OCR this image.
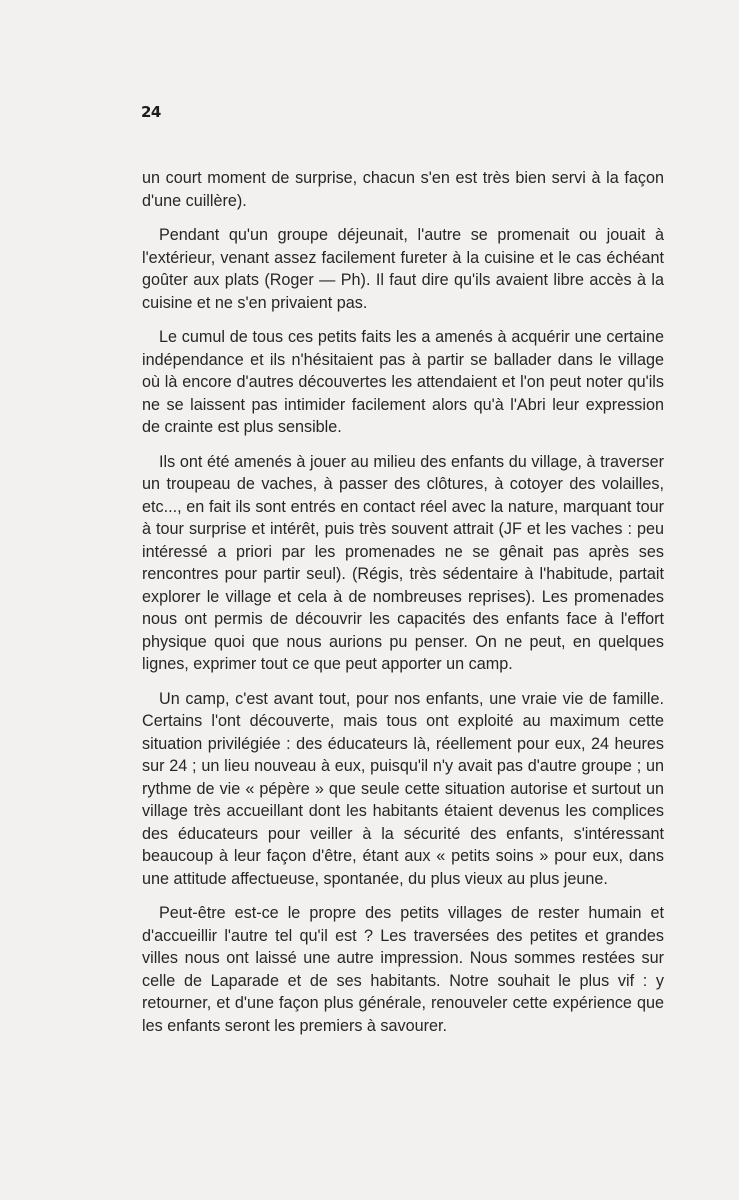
24

un court moment de surprise, chacun s'en est très bien servi à la façon d'une cuillère).

Pendant qu'un groupe déjeunait, l'autre se promenait ou jouait à l'extérieur, venant assez facilement fureter à la cuisine et le cas échéant goûter aux plats (Roger — Ph). Il faut dire qu'ils avaient libre accès à la cuisine et ne s'en privaient pas.

Le cumul de tous ces petits faits les a amenés à acquérir une certaine indépendance et ils n'hésitaient pas à partir se ballader dans le village où là encore d'autres découvertes les attendaient et l'on peut noter qu'ils ne se laissent pas intimider facilement alors qu'à l'Abri leur expression de crainte est plus sensible.

Ils ont été amenés à jouer au milieu des enfants du village, à traverser un troupeau de vaches, à passer des clôtures, à cotoyer des volailles, etc..., en fait ils sont entrés en contact réel avec la nature, marquant tour à tour surprise et intérêt, puis très souvent attrait (JF et les vaches : peu intéressé a priori par les promenades ne se gênait pas après ses rencontres pour partir seul). (Régis, très sédentaire à l'habitude, partait explorer le village et cela à de nombreuses reprises). Les promenades nous ont permis de découvrir les capacités des enfants face à l'effort physique quoi que nous aurions pu penser. On ne peut, en quelques lignes, exprimer tout ce que peut apporter un camp.

Un camp, c'est avant tout, pour nos enfants, une vraie vie de famille. Certains l'ont découverte, mais tous ont exploité au maximum cette situation privilégiée : des éducateurs là, réellement pour eux, 24 heures sur 24 ; un lieu nouveau à eux, puisqu'il n'y avait pas d'autre groupe ; un rythme de vie « pépère » que seule cette situation autorise et surtout un village très accueillant dont les habitants étaient devenus les complices des éducateurs pour veiller à la sécurité des enfants, s'intéressant beaucoup à leur façon d'être, étant aux « petits soins » pour eux, dans une attitude affectueuse, spontanée, du plus vieux au plus jeune.

Peut-être est-ce le propre des petits villages de rester humain et d'accueillir l'autre tel qu'il est ? Les traversées des petites et grandes villes nous ont laissé une autre impression. Nous sommes restées sur celle de Laparade et de ses habitants. Notre souhait le plus vif : y retourner, et d'une façon plus générale, renouveler cette expérience que les enfants seront les premiers à savourer.
